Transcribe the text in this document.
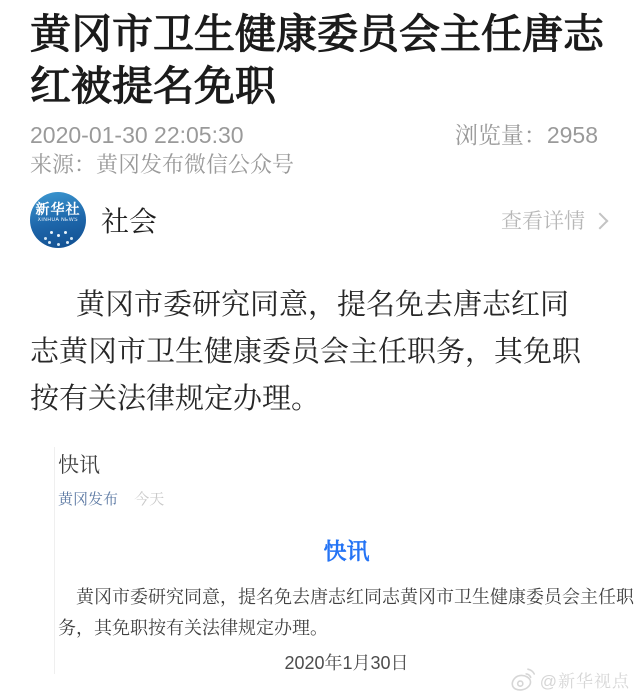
黄冈市卫生健康委员会主任唐志红被提名免职
2020-01-30 22:05:30	浏览量：2958
来源：黄冈发布微信公众号
新华社
XINHUA NEWS 社会	查看详情

黄冈市委研究同意，提名免去唐志红同志黄冈市卫生健康委员会主任职务，其免职按有关法律规定办理。

快讯
黄冈发布 今天
快讯

黄冈市委研究同意，提名免去唐志红同志黄冈市卫生健康委员会主任职务，其免职按有关法律规定办理。

2020年1月30日
@新华视点
